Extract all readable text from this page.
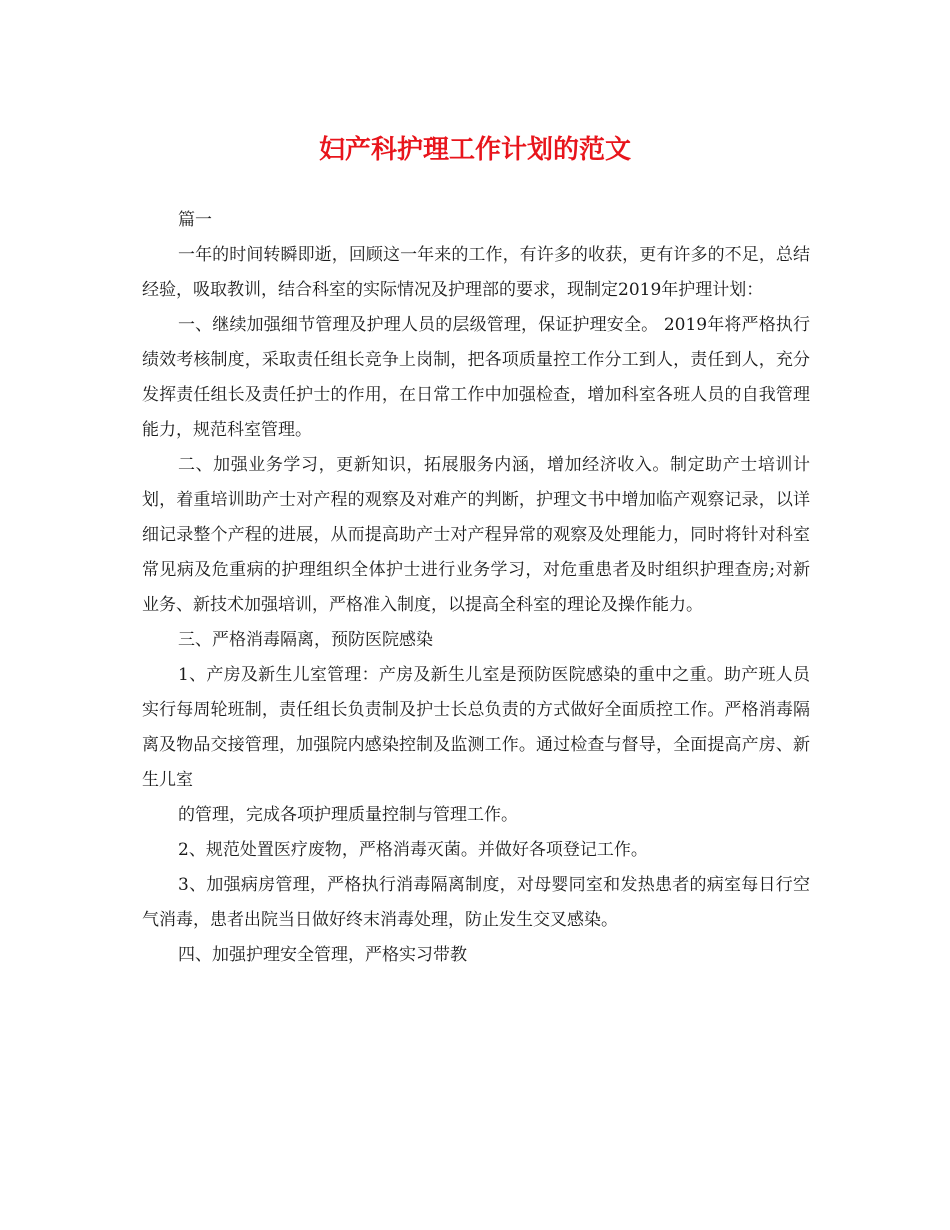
妇产科护理工作计划的范文

篇一

一年的时间转瞬即逝，回顾这一年来的工作，有许多的收获，更有许多的不足，总结经验，吸取教训，结合科室的实际情况及护理部的要求，现制定2019年护理计划：

一、继续加强细节管理及护理人员的层级管理，保证护理安全。 2019年将严格执行绩效考核制度，采取责任组长竞争上岗制，把各项质量控工作分工到人，责任到人，充分发挥责任组长及责任护士的作用，在日常工作中加强检查，增加科室各班人员的自我管理能力，规范科室管理。

二、加强业务学习，更新知识，拓展服务内涵，增加经济收入。制定助产士培训计划，着重培训助产士对产程的观察及对难产的判断，护理文书中增加临产观察记录，以详细记录整个产程的进展，从而提高助产士对产程异常的观察及处理能力，同时将针对科室常见病及危重病的护理组织全体护士进行业务学习，对危重患者及时组织护理查房;对新业务、新技术加强培训，严格准入制度，以提高全科室的理论及操作能力。

三、严格消毒隔离，预防医院感染

1、产房及新生儿室管理：产房及新生儿室是预防医院感染的重中之重。助产班人员实行每周轮班制，责任组长负责制及护士长总负责的方式做好全面质控工作。严格消毒隔离及物品交接管理，加强院内感染控制及监测工作。通过检查与督导，全面提高产房、新生儿室

的管理，完成各项护理质量控制与管理工作。

2、规范处置医疗废物，严格消毒灭菌。并做好各项登记工作。

3、加强病房管理，严格执行消毒隔离制度，对母婴同室和发热患者的病室每日行空气消毒，患者出院当日做好终末消毒处理，防止发生交叉感染。

四、加强护理安全管理，严格实习带教
